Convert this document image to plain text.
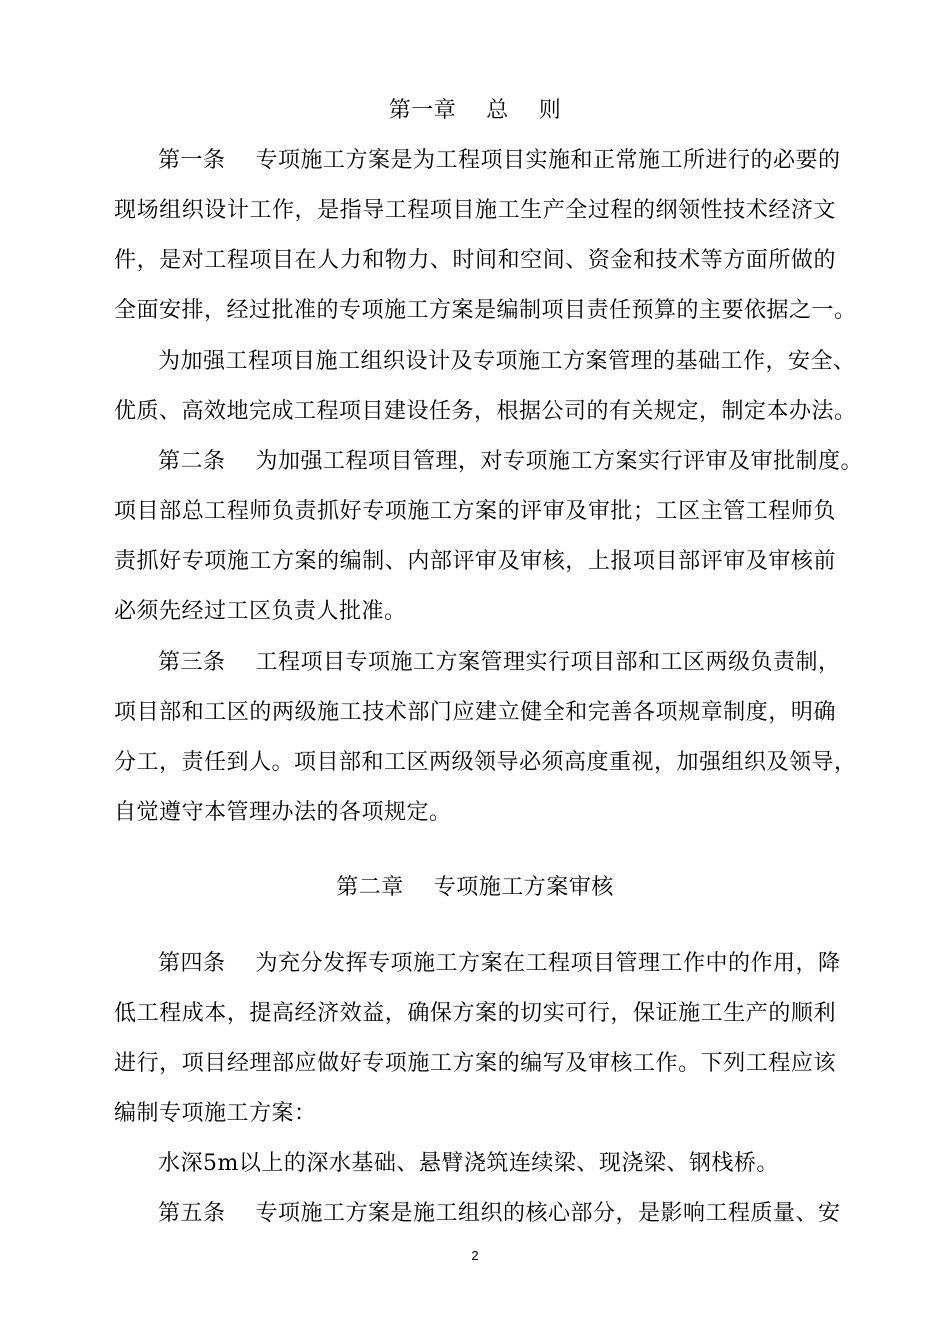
第一章    总    则
第一条    专项施工方案是为工程项目实施和正常施工所进行的必要的
现场组织设计工作，是指导工程项目施工生产全过程的纲领性技术经济文
件，是对工程项目在人力和物力、时间和空间、资金和技术等方面所做的
全面安排，经过批准的专项施工方案是编制项目责任预算的主要依据之一。
为加强工程项目施工组织设计及专项施工方案管理的基础工作，安全、
优质、高效地完成工程项目建设任务，根据公司的有关规定，制定本办法。
第二条    为加强工程项目管理，对专项施工方案实行评审及审批制度。
项目部总工程师负责抓好专项施工方案的评审及审批；工区主管工程师负
责抓好专项施工方案的编制、内部评审及审核，上报项目部评审及审核前
必须先经过工区负责人批准。
第三条    工程项目专项施工方案管理实行项目部和工区两级负责制，
项目部和工区的两级施工技术部门应建立健全和完善各项规章制度，明确
分工，责任到人。项目部和工区两级领导必须高度重视，加强组织及领导，
自觉遵守本管理办法的各项规定。
第二章    专项施工方案审核
第四条    为充分发挥专项施工方案在工程项目管理工作中的作用，降
低工程成本，提高经济效益，确保方案的切实可行，保证施工生产的顺利
进行，项目经理部应做好专项施工方案的编写及审核工作。下列工程应该
编制专项施工方案：
水深5m以上的深水基础、悬臂浇筑连续梁、现浇梁、钢栈桥。
第五条    专项施工方案是施工组织的核心部分，是影响工程质量、安
2
